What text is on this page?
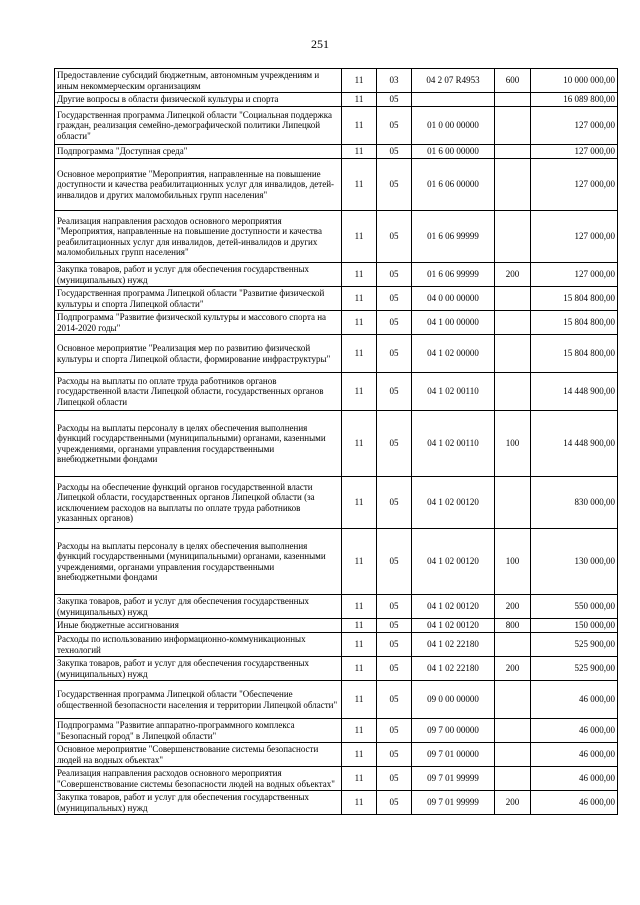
251
Предоставление субсидий бюджетным, автономным учреждениям и иным некоммерческим организациям	11	03	04 2 07 R4953	600	10 000 000,00
Другие вопросы в области физической культуры и спорта	11	05			16 089 800,00
Государственная программа Липецкой области "Социальная поддержка граждан, реализация семейно-демографической политики Липецкой области"	11	05	01 0 00 00000		127 000,00
Подпрограмма "Доступная среда"	11	05	01 6 00 00000		127 000,00
Основное мероприятие "Мероприятия, направленные на повышение доступности и качества реабилитационных услуг для инвалидов, детей-инвалидов и других маломобильных групп населения"	11	05	01 6 06 00000		127 000,00
Реализация направления расходов основного мероприятия "Мероприятия, направленные на повышение доступности и качества реабилитационных услуг для инвалидов, детей-инвалидов и других маломобильных групп населения"	11	05	01 6 06 99999		127 000,00
Закупка товаров, работ и услуг для обеспечения государственных (муниципальных) нужд	11	05	01 6 06 99999	200	127 000,00
Государственная программа Липецкой области "Развитие физической культуры и спорта Липецкой области"	11	05	04 0 00 00000		15 804 800,00
Подпрограмма "Развитие физической культуры и массового спорта на 2014-2020 годы"	11	05	04 1 00 00000		15 804 800,00
Основное мероприятие "Реализация мер по развитию физической культуры и спорта Липецкой области, формирование инфраструктуры"	11	05	04 1 02 00000		15 804 800,00
Расходы на выплаты по оплате труда работников органов государственной власти Липецкой области, государственных органов Липецкой области	11	05	04 1 02 00110		14 448 900,00
Расходы на выплаты персоналу в целях обеспечения выполнения функций государственными (муниципальными) органами, казенными учреждениями, органами управления государственными внебюджетными фондами	11	05	04 1 02 00110	100	14 448 900,00
Расходы на обеспечение функций органов государственной власти Липецкой области, государственных органов Липецкой области (за исключением расходов на выплаты по оплате труда работников указанных органов)	11	05	04 1 02 00120		830 000,00
Расходы на выплаты персоналу в целях обеспечения выполнения функций государственными (муниципальными) органами, казенными учреждениями, органами управления государственными внебюджетными фондами	11	05	04 1 02 00120	100	130 000,00
Закупка товаров, работ и услуг для обеспечения государственных (муниципальных) нужд	11	05	04 1 02 00120	200	550 000,00
Иные бюджетные ассигнования	11	05	04 1 02 00120	800	150 000,00
Расходы по использованию информационно-коммуникационных технологий	11	05	04 1 02 22180		525 900,00
Закупка товаров, работ и услуг для обеспечения государственных (муниципальных) нужд	11	05	04 1 02 22180	200	525 900,00
Государственная программа Липецкой области "Обеспечение общественной безопасности населения и территории Липецкой области"	11	05	09 0 00 00000		46 000,00
Подпрограмма "Развитие аппаратно-программного комплекса "Безопасный город" в Липецкой области"	11	05	09 7 00 00000		46 000,00
Основное мероприятие "Совершенствование системы безопасности людей на водных объектах"	11	05	09 7 01 00000		46 000,00
Реализация направления расходов основного мероприятия "Совершенствование системы безопасности людей на водных объектах"	11	05	09 7 01 99999		46 000,00
Закупка товаров, работ и услуг для обеспечения государственных (муниципальных) нужд	11	05	09 7 01 99999	200	46 000,00
